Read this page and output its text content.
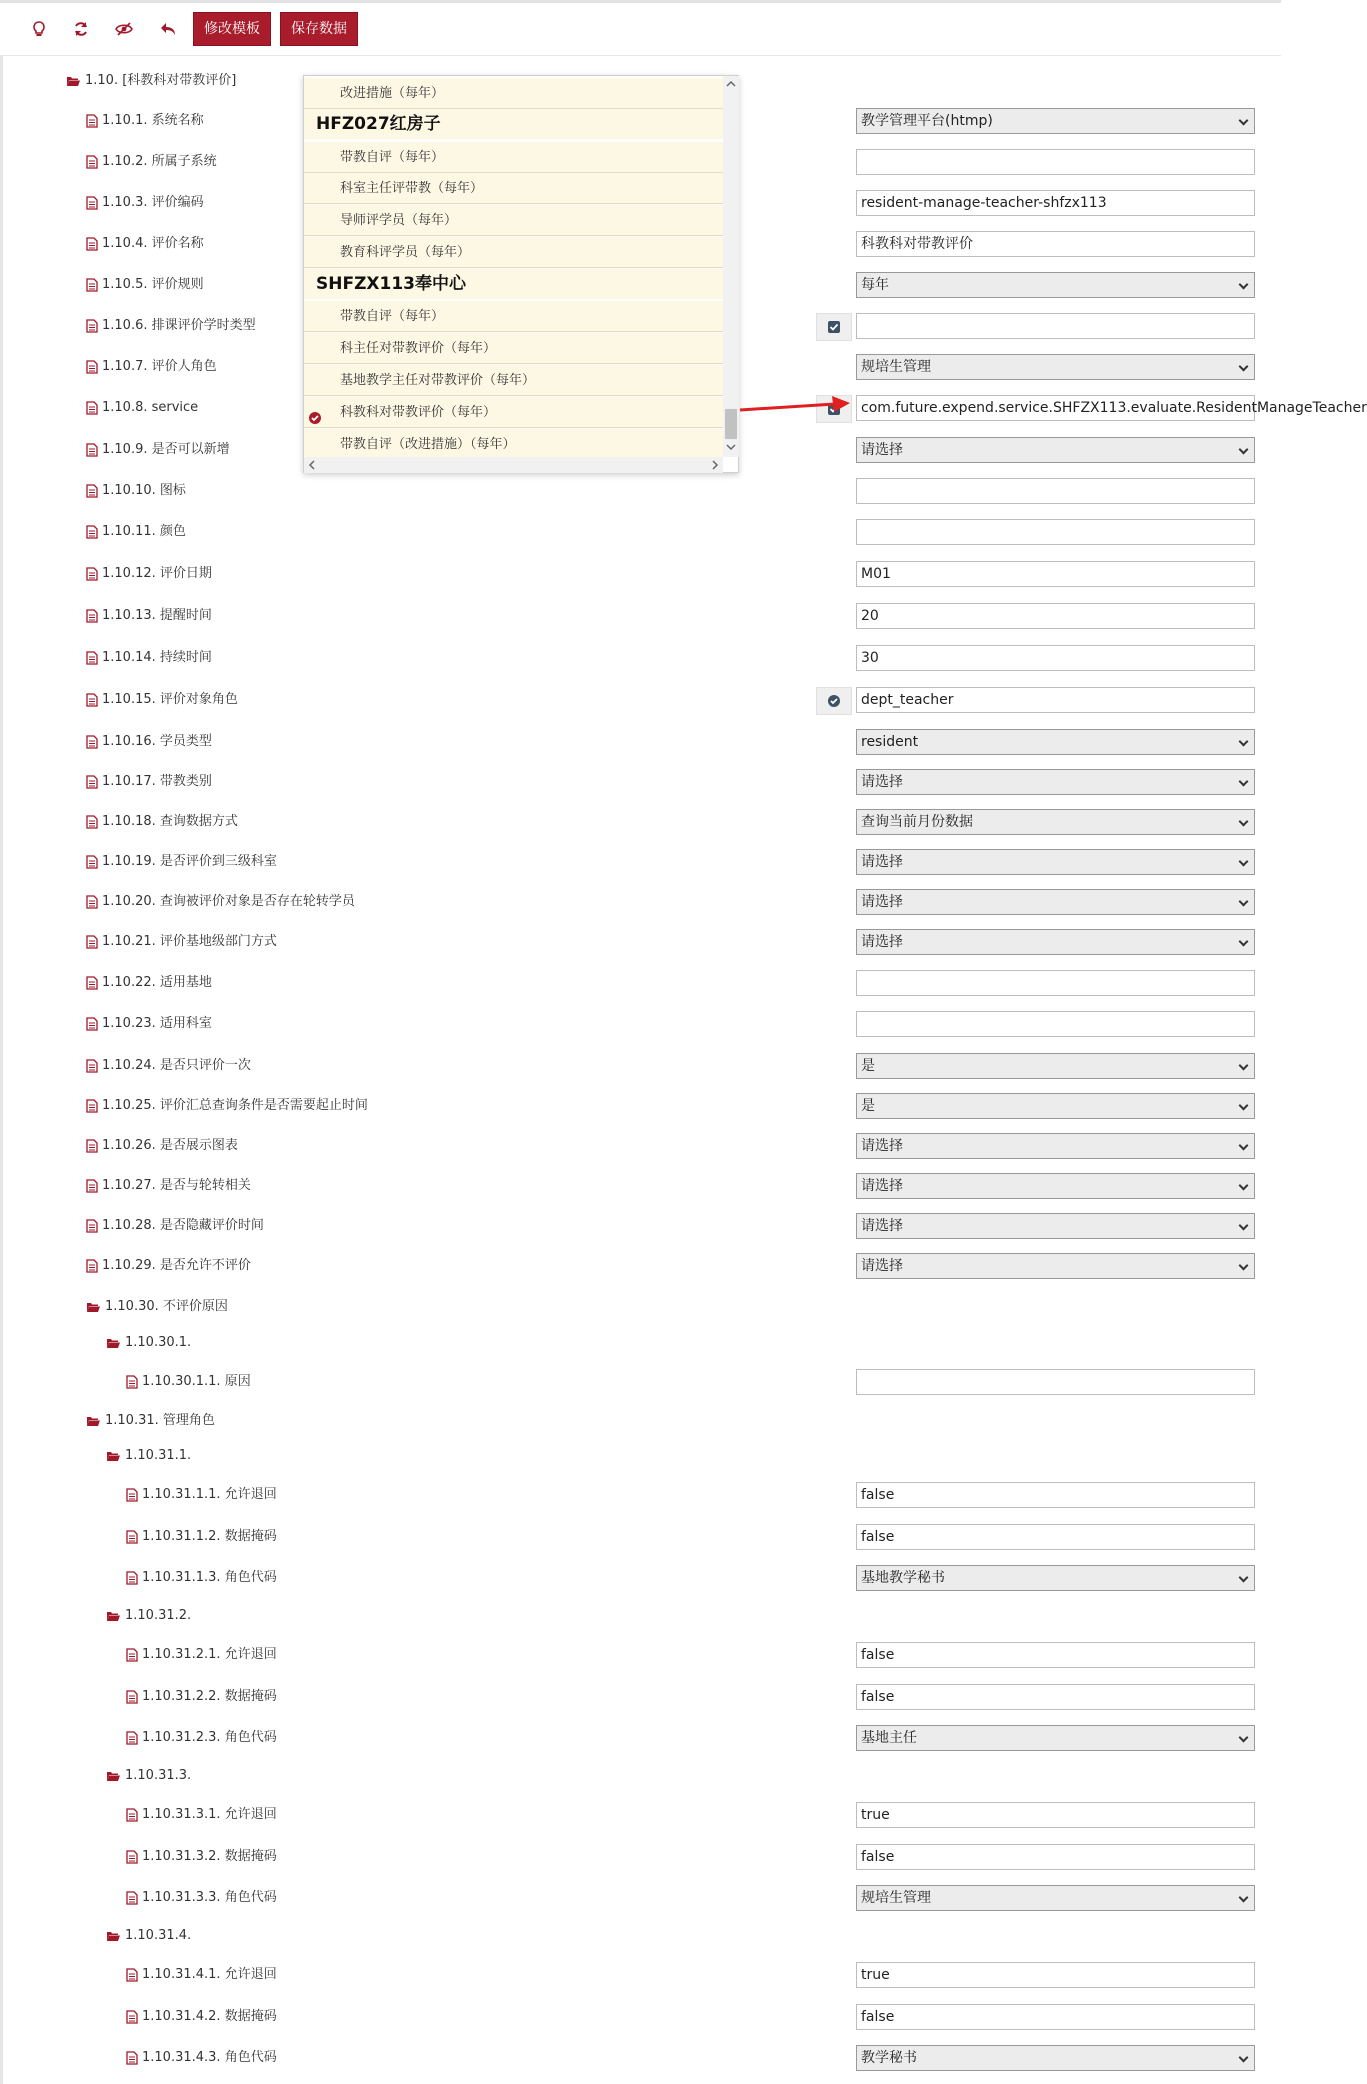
修改模板	保存数据
1.10. [科教科对带教评价]
1.10.1. 系统名称	教学管理平台(htmp)
1.10.2. 所属子系统
1.10.3. 评价编码	resident-manage-teacher-shfzx113
1.10.4. 评价名称	科教科对带教评价
1.10.5. 评价规则	每年
1.10.6. 排课评价学时类型
1.10.7. 评价人角色	规培生管理
1.10.8. service	com.future.expend.service.SHFZX113.evaluate.ResidentManageTeacher
1.10.9. 是否可以新增	请选择
1.10.10. 图标
1.10.11. 颜色
1.10.12. 评价日期	M01
1.10.13. 提醒时间	20
1.10.14. 持续时间	30
1.10.15. 评价对象角色	dept_teacher
1.10.16. 学员类型	resident
1.10.17. 带教类别	请选择
1.10.18. 查询数据方式	查询当前月份数据
1.10.19. 是否评价到三级科室	请选择
1.10.20. 查询被评价对象是否存在轮转学员	请选择
1.10.21. 评价基地级部门方式	请选择
1.10.22. 适用基地
1.10.23. 适用科室
1.10.24. 是否只评价一次	是
1.10.25. 评价汇总查询条件是否需要起止时间	是
1.10.26. 是否展示图表	请选择
1.10.27. 是否与轮转相关	请选择
1.10.28. 是否隐藏评价时间	请选择
1.10.29. 是否允许不评价	请选择
1.10.30. 不评价原因
1.10.30.1.
1.10.30.1.1. 原因
1.10.31. 管理角色
1.10.31.1.
1.10.31.1.1. 允许退回	false
1.10.31.1.2. 数据掩码	false
1.10.31.1.3. 角色代码	基地教学秘书
1.10.31.2.
1.10.31.2.1. 允许退回	false
1.10.31.2.2. 数据掩码	false
1.10.31.2.3. 角色代码	基地主任
1.10.31.3.
1.10.31.3.1. 允许退回	true
1.10.31.3.2. 数据掩码	false
1.10.31.3.3. 角色代码	规培生管理
1.10.31.4.
1.10.31.4.1. 允许退回	true
1.10.31.4.2. 数据掩码	false
1.10.31.4.3. 角色代码	教学秘书
改进措施（每年）
HFZ027红房子
带教自评（每年）
科室主任评带教（每年）
导师评学员（每年）
教育科评学员（每年）
SHFZX113奉中心
带教自评（每年）
科主任对带教评价（每年）
基地教学主任对带教评价（每年）
科教科对带教评价（每年）
带教自评（改进措施）（每年）
